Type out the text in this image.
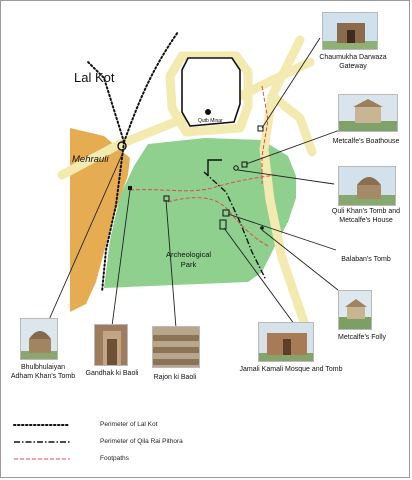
Lal Kot
Mehrauli
Qutb Minar
Archeological
Park
Chaumukha Darwaza
Gateway
Metcalfe's Boathouse
Quli Khan's Tomb and
Metcalfe's House
Balaban's Tomb
Metcalfe's Folly
Jamali Kamali Mosque and Tomb
Rajon ki Baoli
Gandhak ki Baoli
Bhulbhulaiyan
Adham Khan's Tomb
Perimeter of Lal Kot
Perimeter of Qila Rai Pithora
Footpaths
